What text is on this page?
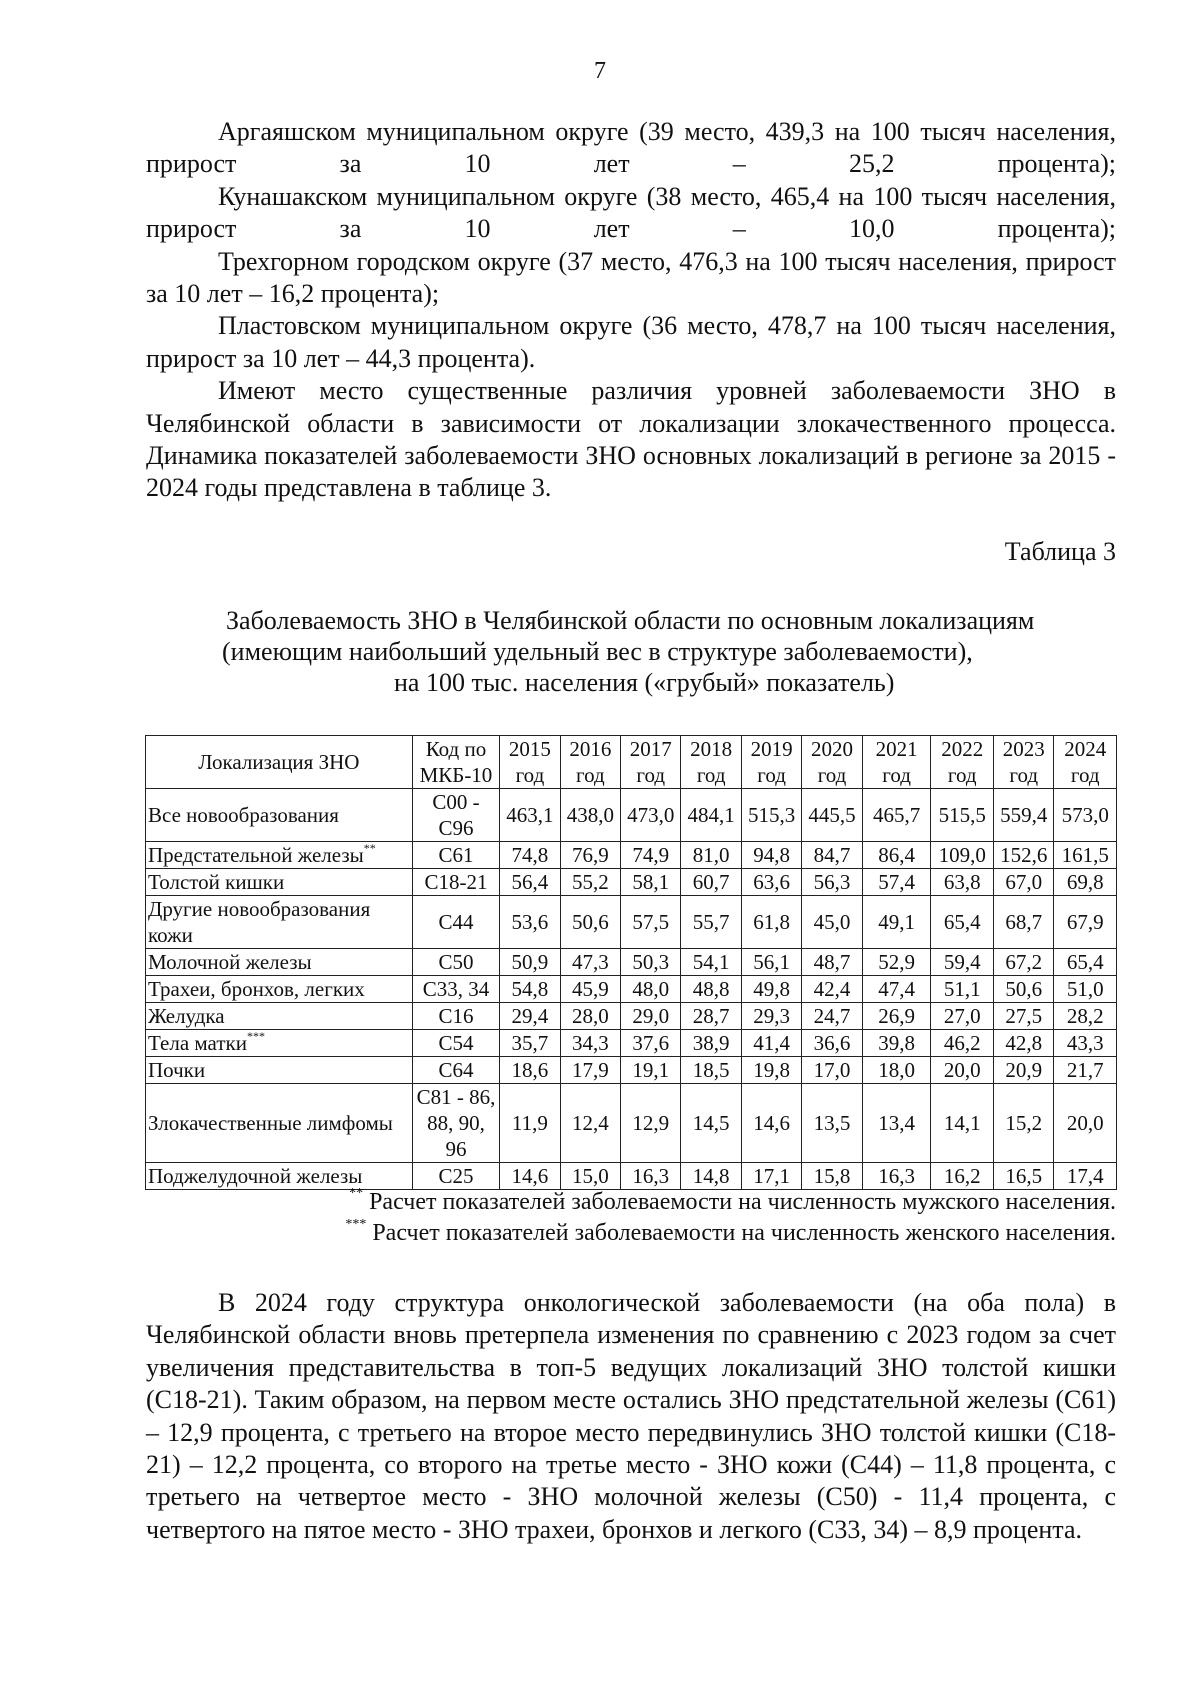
7

Аргаяшском муниципальном округе (39 место, 439,3 на 100 тысяч населения, прирост за 10 лет – 25,2 процента);

Кунашакском муниципальном округе (38 место, 465,4 на 100 тысяч населения, прирост за 10 лет – 10,0 процента);

Трехгорном городском округе (37 место, 476,3 на 100 тысяч населения, прирост за 10 лет – 16,2 процента);

Пластовском муниципальном округе (36 место, 478,7 на 100 тысяч населения, прирост за 10 лет – 44,3 процента).

Имеют место существенные различия уровней заболеваемости ЗНО в Челябинской области в зависимости от локализации злокачественного процесса. Динамика показателей заболеваемости ЗНО основных локализаций в регионе за 2015 - 2024 годы представлена в таблице 3.

Таблица 3
Заболеваемость ЗНО в Челябинской области по основным локализациям
(имеющим наибольший удельный вес в структуре заболеваемости),
на 100 тыс. населения («грубый» показатель)
Локализация ЗНО	Код по МКБ-10	2015 год	2016 год	2017 год	2018 год	2019 год	2020 год	2021 год	2022 год	2023 год	2024 год
Все новообразования	С00 - С96	463,1	438,0	473,0	484,1	515,3	445,5	465,7	515,5	559,4	573,0
Предстательной железы**	С61	74,8	76,9	74,9	81,0	94,8	84,7	86,4	109,0	152,6	161,5
Толстой кишки	С18-21	56,4	55,2	58,1	60,7	63,6	56,3	57,4	63,8	67,0	69,8
Другие новообразования кожи	С44	53,6	50,6	57,5	55,7	61,8	45,0	49,1	65,4	68,7	67,9
Молочной железы	С50	50,9	47,3	50,3	54,1	56,1	48,7	52,9	59,4	67,2	65,4
Трахеи, бронхов, легких	С33, 34	54,8	45,9	48,0	48,8	49,8	42,4	47,4	51,1	50,6	51,0
Желудка	С16	29,4	28,0	29,0	28,7	29,3	24,7	26,9	27,0	27,5	28,2
Тела матки***	С54	35,7	34,3	37,6	38,9	41,4	36,6	39,8	46,2	42,8	43,3
Почки	С64	18,6	17,9	19,1	18,5	19,8	17,0	18,0	20,0	20,9	21,7
Злокачественные лимфомы	С81 - 86, 88, 90, 96	11,9	12,4	12,9	14,5	14,6	13,5	13,4	14,1	15,2	20,0
Поджелудочной железы	С25	14,6	15,0	16,3	14,8	17,1	15,8	16,3	16,2	16,5	17,4
** Расчет показателей заболеваемости на численность мужского населения.
*** Расчет показателей заболеваемости на численность женского населения.

В 2024 году структура онкологической заболеваемости (на оба пола) в Челябинской области вновь претерпела изменения по сравнению с 2023 годом за счет увеличения представительства в топ-5 ведущих локализаций ЗНО толстой кишки (С18-21). Таким образом, на первом месте остались ЗНО предстательной железы (С61) – 12,9 процента, с третьего на второе место передвинулись ЗНО толстой кишки (С18-21) – 12,2 процента, со второго на третье место - ЗНО кожи (С44) – 11,8 процента, с третьего на четвертое место - ЗНО молочной железы (С50) - 11,4 процента, с четвертого на пятое место - ЗНО трахеи, бронхов и легкого (С33, 34) – 8,9 процента.
